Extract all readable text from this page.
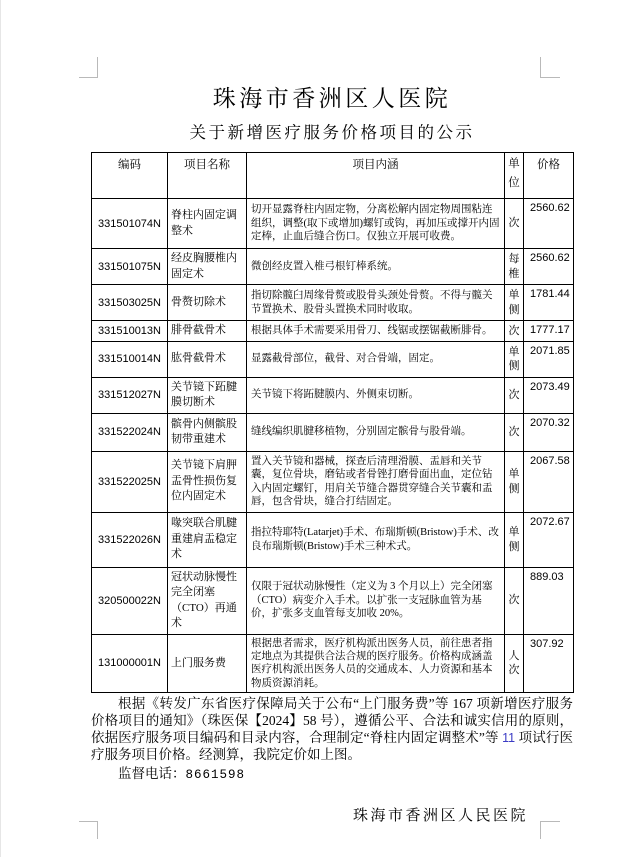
珠海市香洲区人医院
关于新增医疗服务价格项目的公示
编码	项目名称	项目内涵	单位	价格
331501074N	脊柱内固定调整术	切开显露脊柱内固定物，分离松解内固定物周围粘连组织，调整(取下或增加)螺钉或钩，再加压或撑开内固定棒，止血后缝合伤口。仅独立开展可收费。	次	2560.62
331501075N	经皮胸腰椎内固定术	微创经皮置入椎弓根钉棒系统。	每椎	2560.62
331503025N	骨赘切除术	指切除髋臼周缘骨赘或股骨头颈处骨赘。不得与髋关节置换术、股骨头置换术同时收取。	单侧	1781.44
331510013N	腓骨截骨术	根据具体手术需要采用骨刀、线锯或摆锯截断腓骨。	次	1777.17
331510014N	肱骨截骨术	显露截骨部位，截骨、对合骨端，固定。	单侧	2071.85
331512027N	关节镜下跖腱膜切断术	关节镜下将跖腱膜内、外侧束切断。	次	2073.49
331522024N	髌骨内侧髌股韧带重建术	缝线编织肌腱移植物，分别固定髌骨与股骨端。	次	2070.32
331522025N	关节镜下肩胛盂骨性损伤复位内固定术	置入关节镜和器械，探查后清理滑膜、盂唇和关节囊，复位骨块，磨钻或者骨锉打磨骨面出血，定位钻入内固定螺钉，用肩关节缝合器贯穿缝合关节囊和盂唇，包含骨块，缝合打结固定。	单侧	2067.58
331522026N	喙突联合肌腱重建肩盂稳定术	指拉特耶特(Latarjet)手术、布瑞斯顿(Bristow)手术、改良布瑞斯顿(Bristow)手术三种术式。	单侧	2072.67
320500022N	冠状动脉慢性完全闭塞（CTO）再通术	仅限于冠状动脉慢性（定义为 3 个月以上）完全闭塞（CTO）病变介入手术。以扩张一支冠脉血管为基价，扩张多支血管每支加收 20%。	次	889.03
131000001N	上门服务费	根据患者需求，医疗机构派出医务人员，前往患者指定地点为其提供合法合规的医疗服务。价格构成涵盖医疗机构派出医务人员的交通成本、人力资源和基本物质资源消耗。	人次	307.92

根据《转发广东省医疗保障局关于公布“上门服务费”等 167 项新增医疗服务价格项目的通知》（珠医保【2024】58 号），遵循公平、合法和诚实信用的原则，依据医疗服务项目编码和目录内容，合理制定“脊柱内固定调整术”等 11 项试行医疗服务项目价格。经测算，我院定价如上图。

监督电话：8661598

珠海市香洲区人民医院
